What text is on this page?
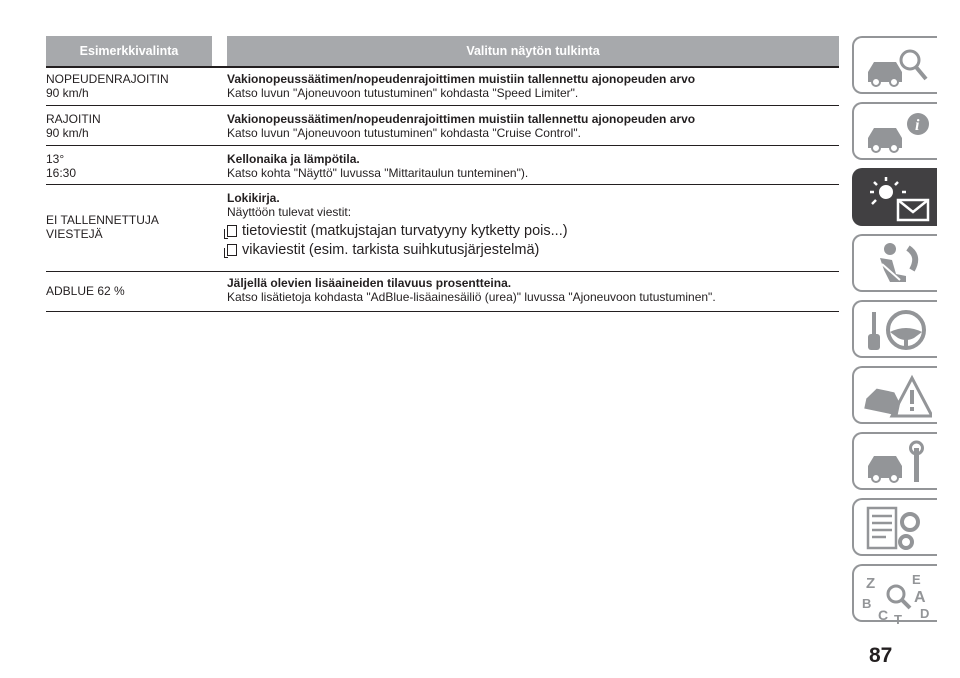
Esimerkkivalinta	Valitun näytön tulkinta
NOPEUDENRAJOITIN
90 km/h
Vakionopeussäätimen/nopeudenrajoittimen muistiin tallennettu ajonopeuden arvo
Katso luvun "Ajoneuvoon tutustuminen" kohdasta "Speed Limiter".
RAJOITIN
90 km/h
Vakionopeussäätimen/nopeudenrajoittimen muistiin tallennettu ajonopeuden arvo
Katso luvun "Ajoneuvoon tutustuminen" kohdasta "Cruise Control".
13°
16:30
Kellonaika ja lämpötila.
Katso kohta "Näyttö" luvussa "Mittaritaulun tunteminen").
EI TALLENNETTUJA
VIESTEJÄ
Lokikirja.
Näyttöön tulevat viestit:
tietoviestit (matkujstajan turvatyyny kytketty pois...)
vikaviestit (esim. tarkista suihkutusjärjestelmä)
ADBLUE 62 %
Jäljellä olevien lisäaineiden tilavuus prosentteina.
Katso lisätietoja kohdasta "AdBlue-lisäainesäiliö (urea)" luvussa "Ajoneuvoon tutustuminen".
i
Z	E
A
B
C D
T
87
